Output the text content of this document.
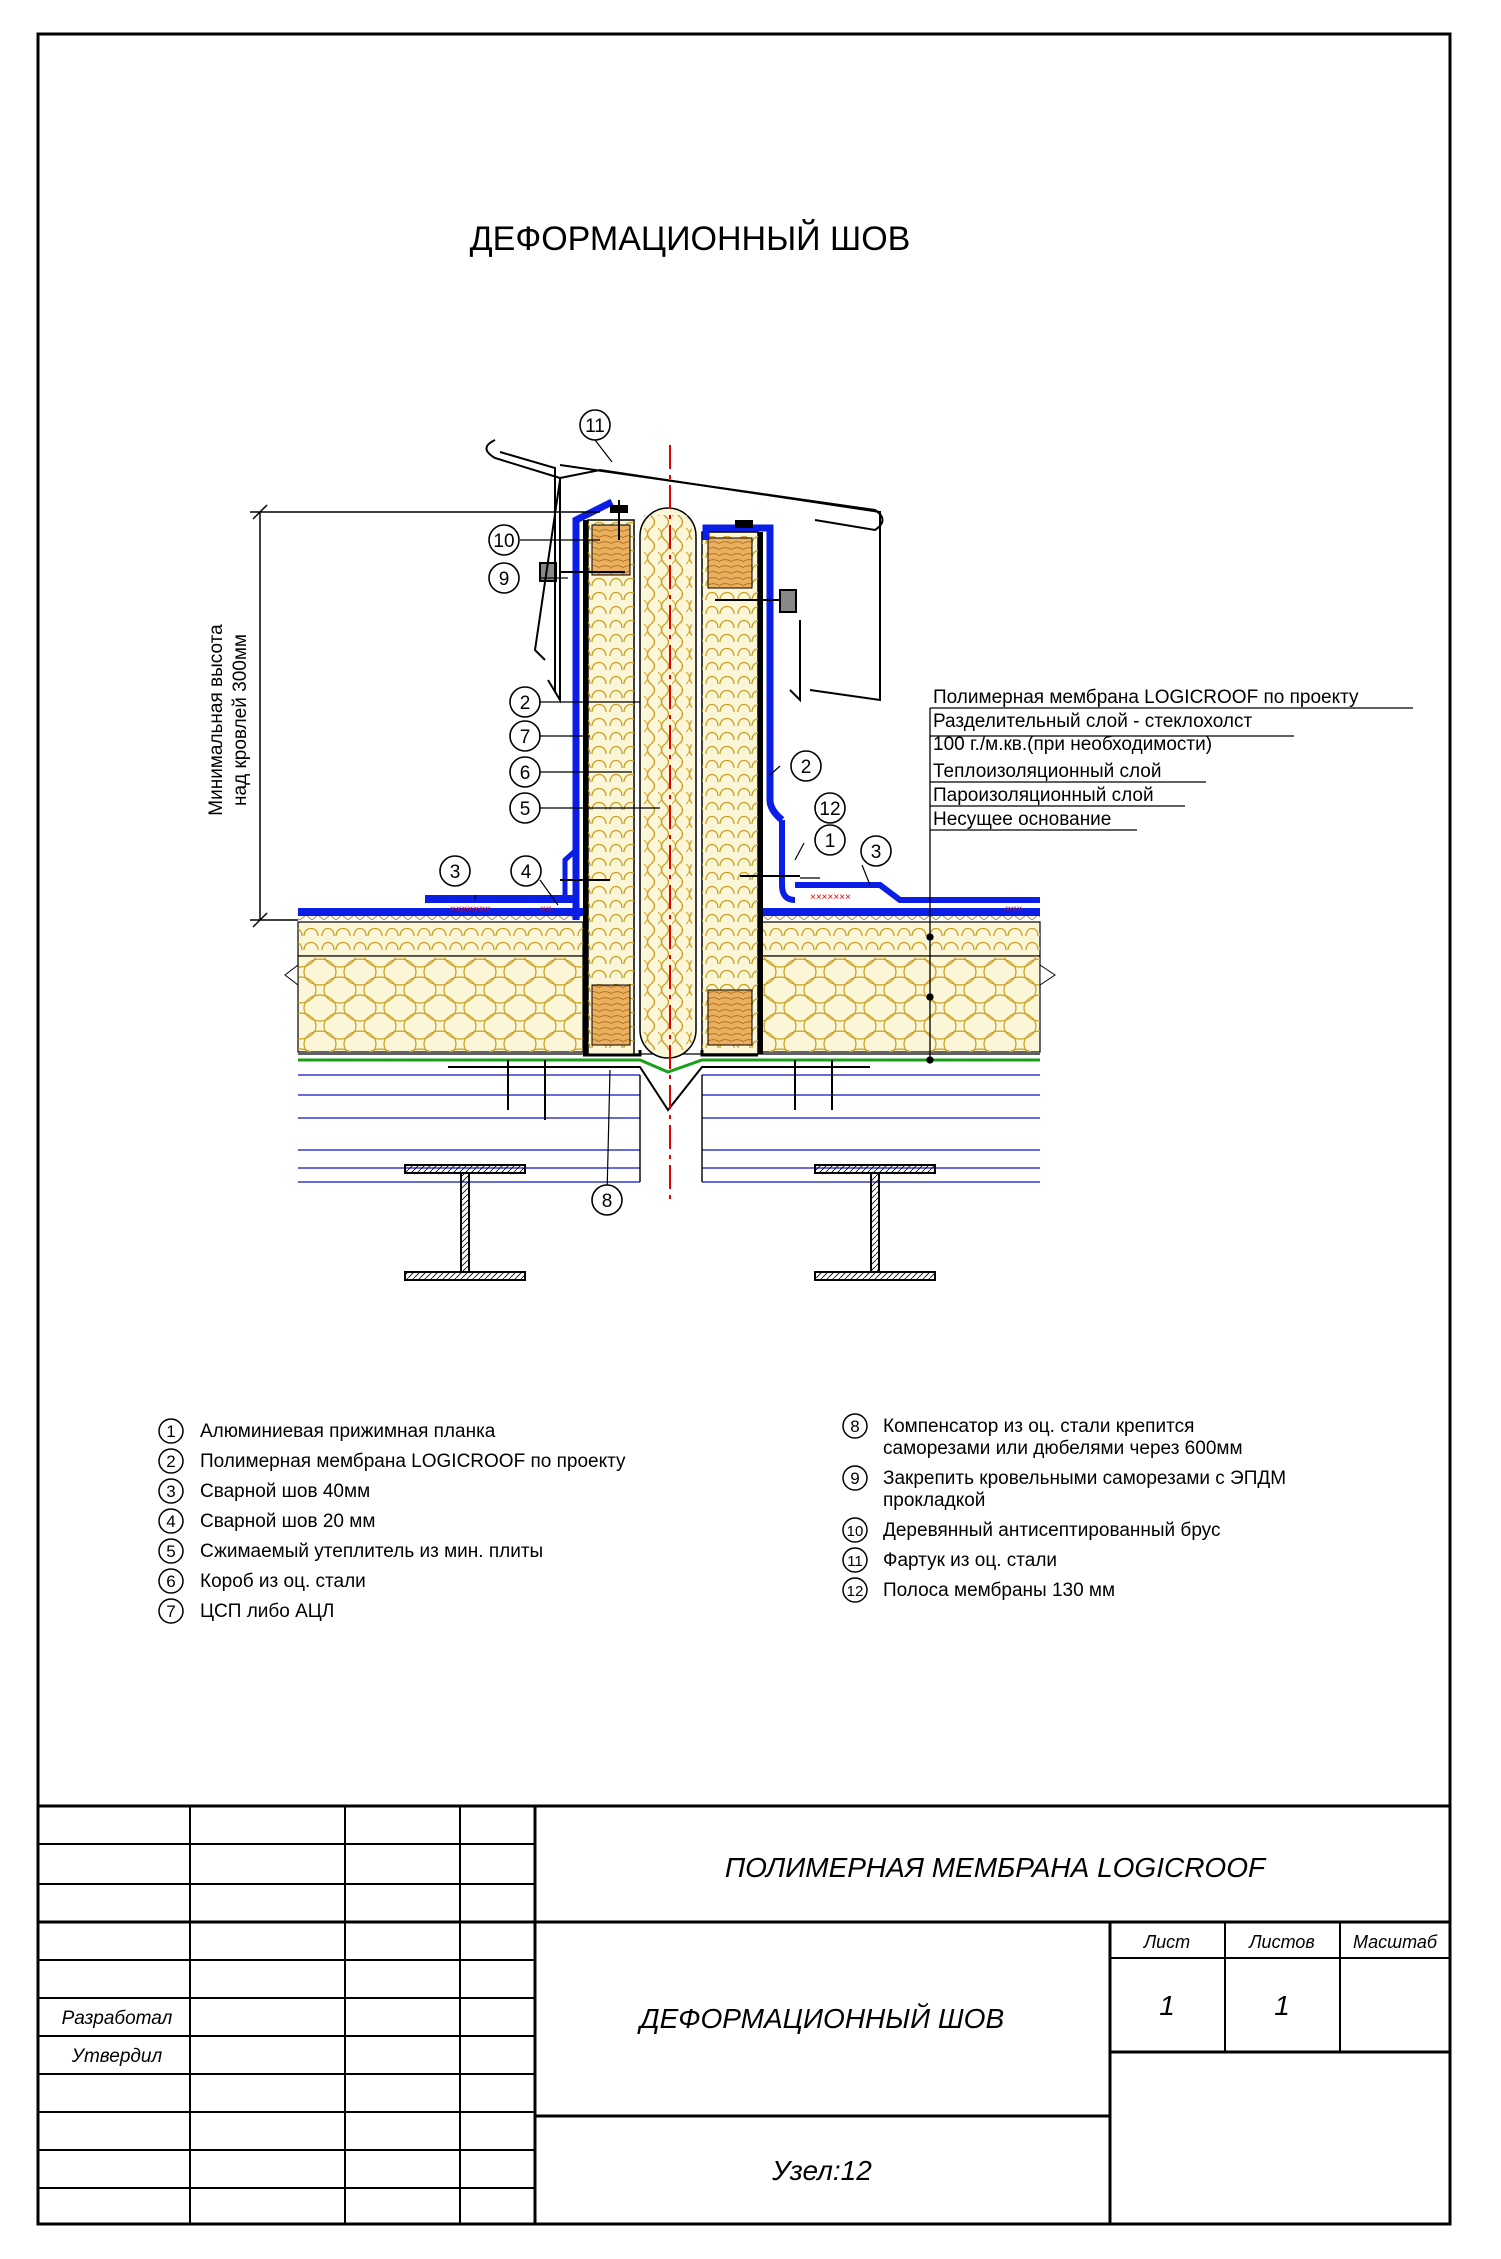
ДЕФОРМАЦИОННЫЙ ШОВ
×××××××	××
×××××××
×××
Минимальная высота над кровлей 300мм
11
10
9
2
7
6
5
3	4
12
1
2
3
8
Полимерная мембрана LOGICROOF по проекту
Разделительный слой - стеклохолст
100 г./м.кв.(при необходимости)
Теплоизоляционный слой
Пароизоляционный слой
Несущее основание
1 Алюминиевая прижимная планка
2 Полимерная мембрана LOGICROOF по проекту
3 Сварной шов 40мм
4 Сварной шов 20 мм
5 Сжимаемый утеплитель из мин. плиты
6 Короб из оц. стали
7 ЦСП либо АЦЛ
8 Компенсатор из оц. стали крепится
саморезами или дюбелями через 600мм
9 Закрепить кровельными саморезами с ЭПДМ
прокладкой
10 Деревянный антисептированный брус
11 Фартук из оц. стали
12 Полоса мембраны 130 мм
ПОЛИМЕРНАЯ МЕМБРАНА LOGICROOF
ДЕФОРМАЦИОННЫЙ ШОВ
Узел:12
Лист	Листов Масштаб
1	1
Разработал
Утвердил
